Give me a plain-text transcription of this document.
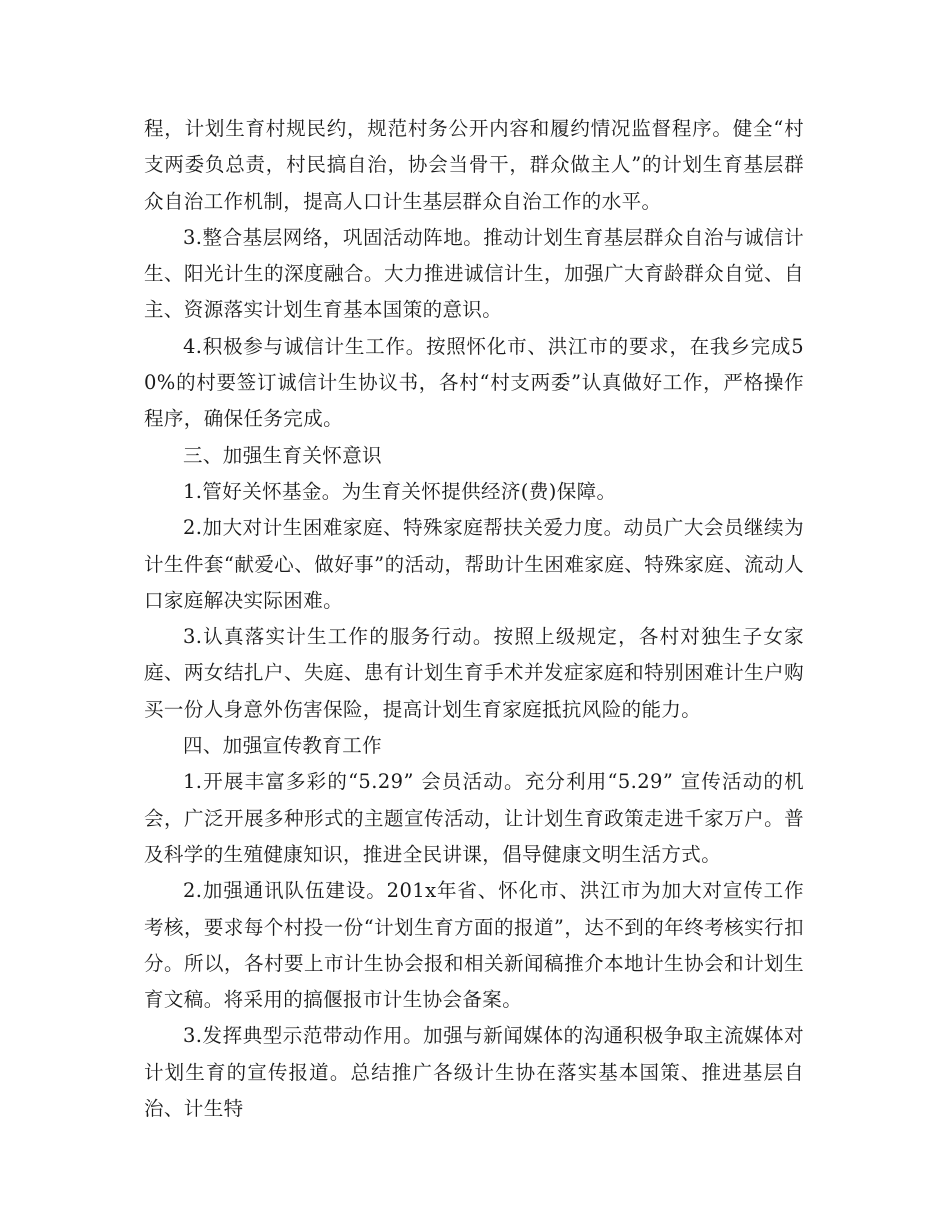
程，计划生育村规民约，规范村务公开内容和履约情况监督程序。健全“村支两委负总责，村民搞自治，协会当骨干，群众做主人”的计划生育基层群众自治工作机制，提高人口计生基层群众自治工作的水平。

3.整合基层网络，巩固活动阵地。推动计划生育基层群众自治与诚信计生、阳光计生的深度融合。大力推进诚信计生，加强广大育龄群众自觉、自主、资源落实计划生育基本国策的意识。

4.积极参与诚信计生工作。按照怀化市、洪江市的要求，在我乡完成50%的村要签订诚信计生协议书，各村“村支两委”认真做好工作，严格操作程序，确保任务完成。

三、加强生育关怀意识

1.管好关怀基金。为生育关怀提供经济(费)保障。

2.加大对计生困难家庭、特殊家庭帮扶关爱力度。动员广大会员继续为计生件套“献爱心、做好事”的活动，帮助计生困难家庭、特殊家庭、流动人口家庭解决实际困难。

3.认真落实计生工作的服务行动。按照上级规定，各村对独生子女家庭、两女结扎户、失庭、患有计划生育手术并发症家庭和特别困难计生户购买一份人身意外伤害保险，提高计划生育家庭抵抗风险的能力。

四、加强宣传教育工作

1.开展丰富多彩的“5.29” 会员活动。充分利用“5.29” 宣传活动的机会，广泛开展多种形式的主题宣传活动，让计划生育政策走进千家万户。普及科学的生殖健康知识，推进全民讲课，倡导健康文明生活方式。

2.加强通讯队伍建设。201x年省、怀化市、洪江市为加大对宣传工作考核，要求每个村投一份“计划生育方面的报道”，达不到的年终考核实行扣分。所以，各村要上市计生协会报和相关新闻稿推介本地计生协会和计划生育文稿。将采用的搞偃报市计生协会备案。

3.发挥典型示范带动作用。加强与新闻媒体的沟通积极争取主流媒体对计划生育的宣传报道。总结推广各级计生协在落实基本国策、推进基层自治、计生特
